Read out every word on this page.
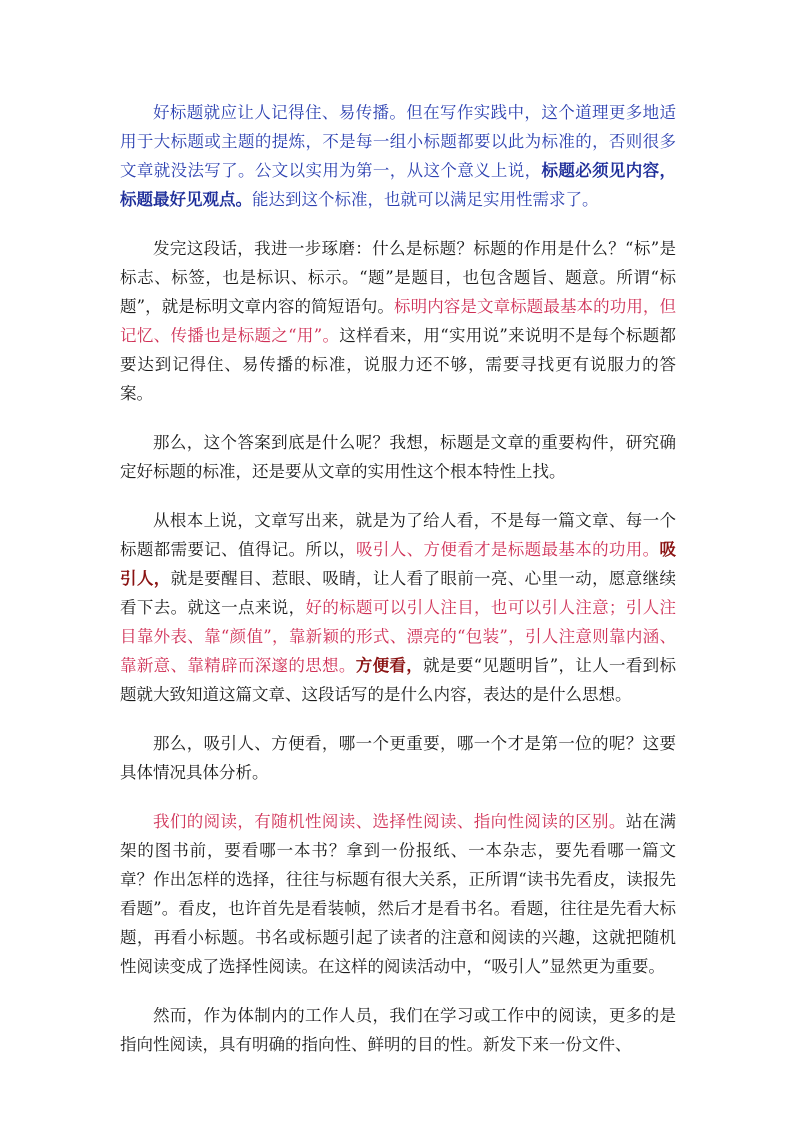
好标题就应让人记得住、易传播。但在写作实践中，这个道理更多地适用于大标题或主题的提炼，不是每一组小标题都要以此为标准的，否则很多文章就没法写了。公文以实用为第一，从这个意义上说，标题必须见内容，标题最好见观点。能达到这个标准，也就可以满足实用性需求了。

发完这段话，我进一步琢磨：什么是标题？标题的作用是什么？“标”是标志、标签，也是标识、标示。“题”是题目，也包含题旨、题意。所谓“标题”，就是标明文章内容的简短语句。标明内容是文章标题最基本的功用，但记忆、传播也是标题之“用”。这样看来，用“实用说”来说明不是每个标题都要达到记得住、易传播的标准，说服力还不够，需要寻找更有说服力的答案。

那么，这个答案到底是什么呢？我想，标题是文章的重要构件，研究确定好标题的标准，还是要从文章的实用性这个根本特性上找。

从根本上说，文章写出来，就是为了给人看，不是每一篇文章、每一个标题都需要记、值得记。所以，吸引人、方便看才是标题最基本的功用。吸引人，就是要醒目、惹眼、吸睛，让人看了眼前一亮、心里一动，愿意继续看下去。就这一点来说，好的标题可以引人注目，也可以引人注意；引人注目靠外表、靠“颜值”，靠新颖的形式、漂亮的“包装”，引人注意则靠内涵、靠新意、靠精辟而深邃的思想。方便看，就是要“见题明旨”，让人一看到标题就大致知道这篇文章、这段话写的是什么内容，表达的是什么思想。

那么，吸引人、方便看，哪一个更重要，哪一个才是第一位的呢？这要具体情况具体分析。

我们的阅读，有随机性阅读、选择性阅读、指向性阅读的区别。站在满架的图书前，要看哪一本书？拿到一份报纸、一本杂志，要先看哪一篇文章？作出怎样的选择，往往与标题有很大关系，正所谓“读书先看皮，读报先看题”。看皮，也许首先是看装帧，然后才是看书名。看题，往往是先看大标题，再看小标题。书名或标题引起了读者的注意和阅读的兴趣，这就把随机性阅读变成了选择性阅读。在这样的阅读活动中，“吸引人”显然更为重要。

然而，作为体制内的工作人员，我们在学习或工作中的阅读，更多的是指向性阅读，具有明确的指向性、鲜明的目的性。新发下来一份文件、
